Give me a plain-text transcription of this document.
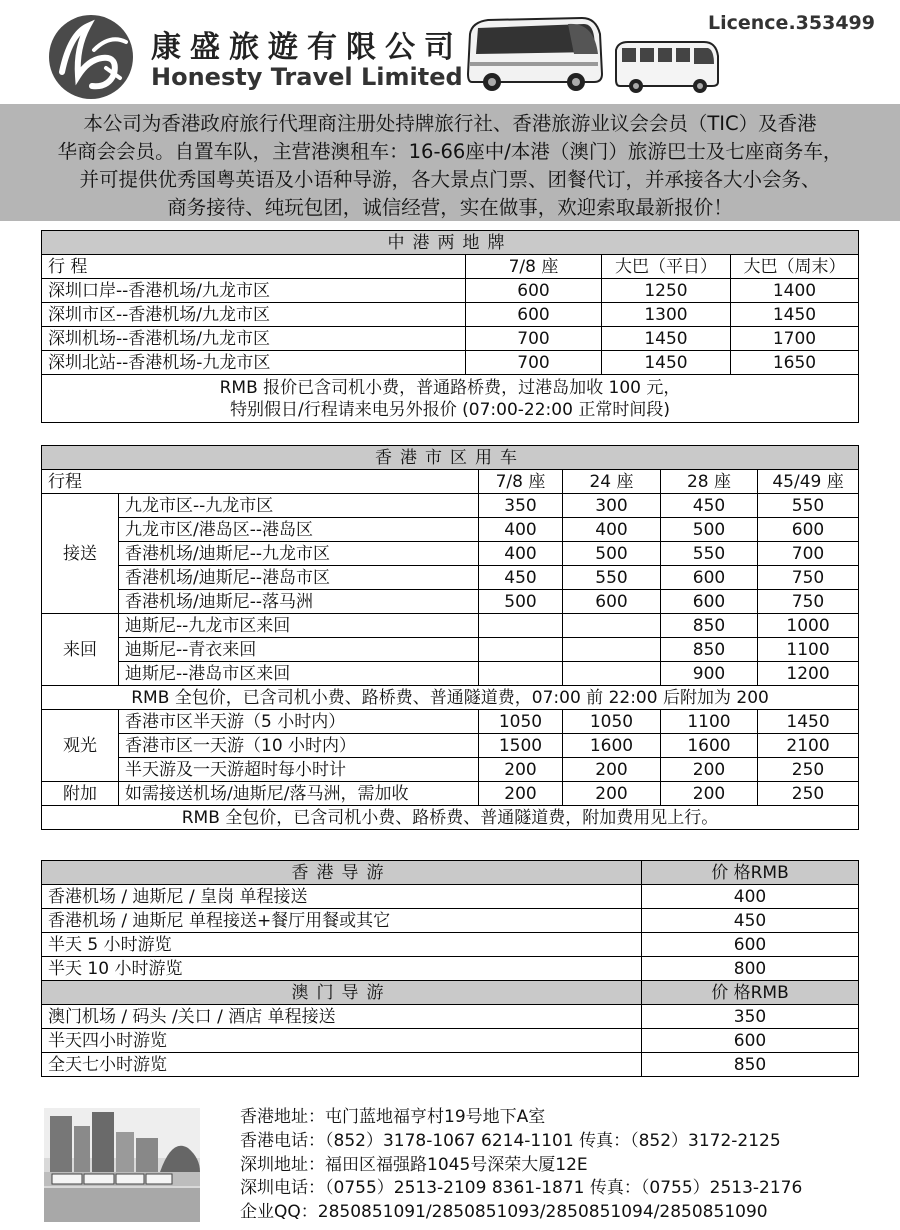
康盛旅遊有限公司
Honesty Travel Limited
Licence.353499

本公司为香港政府旅行代理商注册处持牌旅行社、香港旅游业议会会员（TIC）及香港

华商会会员。自置车队，主营港澳租车：16-66座中/本港（澳门）旅游巴士及七座商务车，

并可提供优秀国粤英语及小语种导游，各大景点门票、团餐代订，并承接各大小会务、

商务接待、纯玩包团，诚信经营，实在做事，欢迎索取最新报价！

中港两地牌			
行 程	7/8 座	大巴（平日）	大巴（周末）
深圳口岸--香港机场/九龙市区	600	1250	1400
深圳市区--香港机场/九龙市区	600	1300	1450
深圳机场--香港机场/九龙市区	700	1450	1700
深圳北站--香港机场-九龙市区	700	1450	1650

RMB 报价已含司机小费，普通路桥费，过港岛加收 100 元，
特别假日/行程请来电另外报价 (07:00-22:00 正常时间段)			
香港市区用车					
行程		7/8 座	24 座	28 座	45/49 座
接送	九龙市区--九龙市区	350	300	450	550
	九龙市区/港岛区--港岛区	400	400	500	600
	香港机场/迪斯尼--九龙市区	400	500	550	700
	香港机场/迪斯尼--港岛市区	450	550	600	750
	香港机场/迪斯尼--落马洲	500	600	600	750
来回	迪斯尼--九龙市区来回			850	1000
	迪斯尼--青衣来回			850	1100
	迪斯尼--港岛市区来回			900	1200
RMB 全包价，已含司机小费、路桥费、普通隧道费，07:00 前 22:00 后附加为 200					
观光	香港市区半天游（5 小时内）	1050	1050	1100	1450
	香港市区一天游（10 小时内）	1500	1600	1600	2100
	半天游及一天游超时每小时计	200	200	200	250
附加	如需接送机场/迪斯尼/落马洲，需加收	200	200	200	250
RMB 全包价，已含司机小费、路桥费、普通隧道费，附加费用见上行。					
香港导游	价 格RMB
香港机场 / 迪斯尼 / 皇岗 单程接送	400
香港机场 / 迪斯尼 单程接送+餐厅用餐或其它	450
半天 5 小时游览	600
半天 10 小时游览	800
澳门导游	价 格RMB
澳门机场 / 码头 /关口 / 酒店 单程接送	350
半天四小时游览	600
全天七小时游览	850
香港地址：屯门蓝地福亨村19号地下A室
香港电话：（852）3178-1067 6214-1101 传真：（852）3172-2125
深圳地址：福田区福强路1045号深荣大厦12E
深圳电话：（0755）2513-2109 8361-1871 传真：（0755）2513-2176
企业QQ：2850851091/2850851093/2850851094/2850851090
